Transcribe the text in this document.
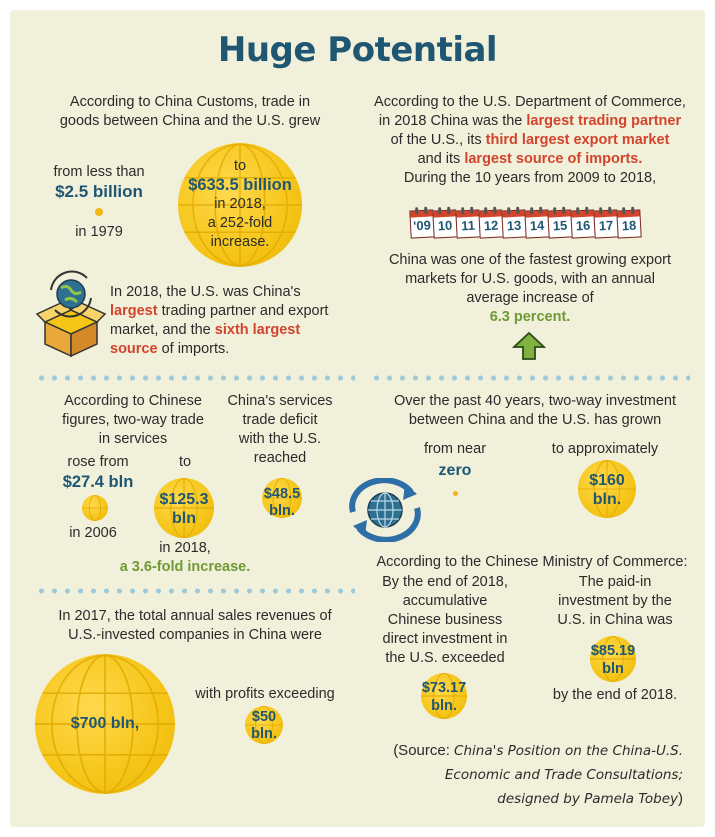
Huge Potential
According to China Customs, trade in
goods between China and the U.S. grew
from less than
$2.5 billion
in 1979
to
$633.5 billion
in 2018,
a 252-fold
increase.
In 2018, the U.S. was China's
largest trading partner and export
market, and the sixth largest
source of imports.
According to the U.S. Department of Commerce,
in 2018 China was the largest trading partner
of the U.S., its third largest export market
and its largest source of imports.
During the 10 years from 2009 to 2018,
'09 10 11 12 13 14 15 16 17 18
China was one of the fastest growing export
markets for U.S. goods, with an annual
average increase of
6.3 percent.
According to Chinese
figures, two-way trade
in services
rose from	to
$27.4 bln
in 2006
$125.3
bln
in 2018,
a 3.6-fold increase.
China's services
trade deficit
with the U.S.
reached
$48.5
bln.
Over the past 40 years, two-way investment
between China and the U.S. has grown
from near
zero
to approximately
$160
bln.
According to the Chinese Ministry of Commerce:
By the end of 2018,
accumulative
Chinese business
direct investment in
the U.S. exceeded
$73.17
bln.
The paid-in
investment by the
U.S. in China was
$85.19
bln
by the end of 2018.
In 2017, the total annual sales revenues of
U.S.-invested companies in China were
$700 bln,
with profits exceeding
$50
bln.
(Source: China's Position on the China-U.S.
Economic and Trade Consultations;
designed by Pamela Tobey)
